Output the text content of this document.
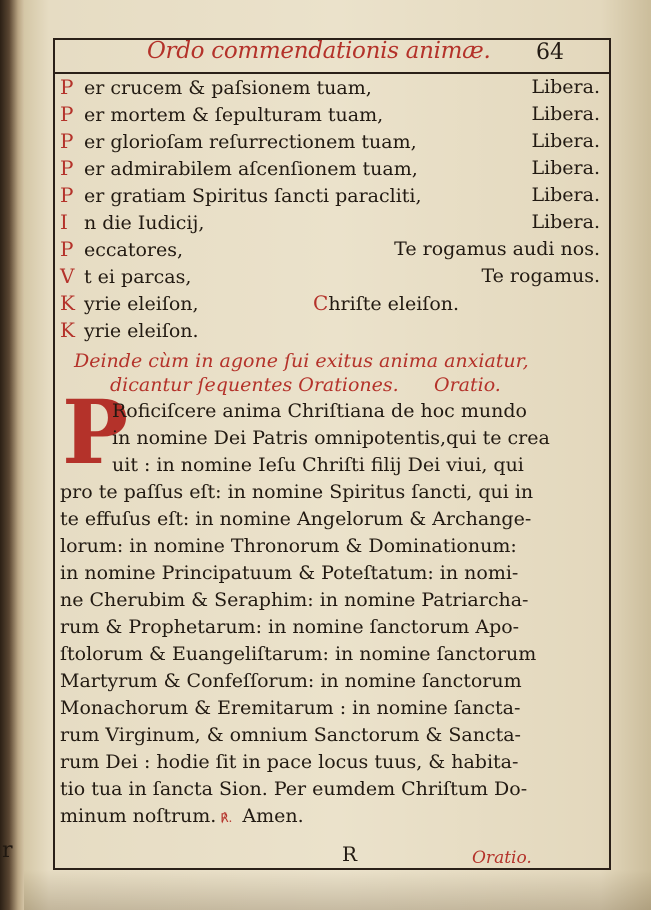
r
Ordo commendationis animæ. 64
P er crucem & paſsionem tuam,	Libera.
P er mortem & ſepulturam tuam,	Libera.
P er glorioſam reſurrectionem tuam,	Libera.
P er admirabilem aſcenſionem tuam,	Libera.
P er gratiam Spiritus ſancti paracliti,	Libera.
I n die Iudicij,	Libera.
P eccatores,	Te rogamus audi nos.
V t ei parcas,	Te rogamus.
K yrie eleiſon,	Chriſte eleiſon.
K yrie eleiſon.
Deinde cùm in agone ſui exitus anima anxiatur,
dicantur ſequentes Orationes. Oratio.
P
Roficiſcere anima Chriſtiana de hoc mundo
in nomine Dei Patris omnipotentis,qui te crea
uit : in nomine Ieſu Chriſti filij Dei viui, qui
pro te paſſus eſt: in nomine Spiritus ſancti, qui in
te effuſus eſt: in nomine Angelorum & Archange-
lorum: in nomine Thronorum & Dominationum:
in nomine Principatuum & Poteſtatum: in nomi-
ne Cherubim & Seraphim: in nomine Patriarcha-
rum & Prophetarum: in nomine ſanctorum Apo-
ſtolorum & Euangeliſtarum: in nomine ſanctorum
Martyrum & Confeſſorum: in nomine ſanctorum
Monachorum & Eremitarum : in nomine ſancta-
rum Virginum, & omnium Sanctorum & Sancta-
rum Dei : hodie ſit in pace locus tuus, & habita-
tio tua in ſancta Sion. Per eumdem Chriſtum Do-
minum noſtrum. ℟. Amen.
R	Oratio.
